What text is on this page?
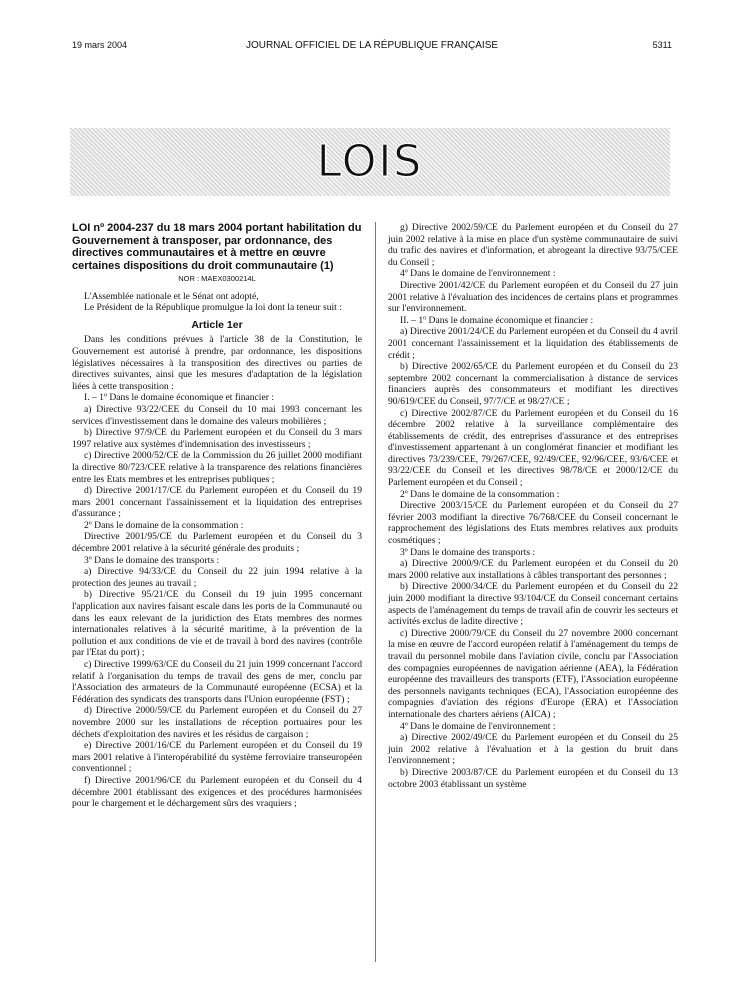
19 mars 2004	JOURNAL OFFICIEL DE LA RÉPUBLIQUE FRANÇAISE	5311
LOIS
LOI nº 2004-237 du 18 mars 2004 portant habilitation du Gouvernement à transposer, par ordonnance, des directives communautaires et à mettre en œuvre certaines dispositions du droit communautaire (1)
NOR : MAEX0300214L

L'Assemblée nationale et le Sénat ont adopté,

Le Président de la République promulgue la loi dont la teneur suit :

Article 1er

Dans les conditions prévues à l'article 38 de la Constitution, le Gouvernement est autorisé à prendre, par ordonnance, les dispositions législatives nécessaires à la transposition des directives ou parties de directives suivantes, ainsi que les mesures d'adaptation de la législation liées à cette transposition :

I. – 1º Dans le domaine économique et financier :

a) Directive 93/22/CEE du Conseil du 10 mai 1993 concernant les services d'investissement dans le domaine des valeurs mobilières ;

b) Directive 97/9/CE du Parlement européen et du Conseil du 3 mars 1997 relative aux systèmes d'indemnisation des investisseurs ;

c) Directive 2000/52/CE de la Commission du 26 juillet 2000 modifiant la directive 80/723/CEE relative à la transparence des relations financières entre les Etats membres et les entreprises publiques ;

d) Directive 2001/17/CE du Parlement européen et du Conseil du 19 mars 2001 concernant l'assainissement et la liquidation des entreprises d'assurance ;

2º Dans le domaine de la consommation :

Directive 2001/95/CE du Parlement européen et du Conseil du 3 décembre 2001 relative à la sécurité générale des produits ;

3º Dans le domaine des transports :

a) Directive 94/33/CE du Conseil du 22 juin 1994 relative à la protection des jeunes au travail ;

b) Directive 95/21/CE du Conseil du 19 juin 1995 concernant l'application aux navires faisant escale dans les ports de la Communauté ou dans les eaux relevant de la juridiction des Etats membres des normes internationales relatives à la sécurité maritime, à la prévention de la pollution et aux conditions de vie et de travail à bord des navires (contrôle par l'Etat du port) ;

c) Directive 1999/63/CE du Conseil du 21 juin 1999 concernant l'accord relatif à l'organisation du temps de travail des gens de mer, conclu par l'Association des armateurs de la Communauté européenne (ECSA) et la Fédération des syndicats des transports dans l'Union européenne (FST) ;

d) Directive 2000/59/CE du Parlement européen et du Conseil du 27 novembre 2000 sur les installations de réception portuaires pour les déchets d'exploitation des navires et les résidus de cargaison ;

e) Directive 2001/16/CE du Parlement européen et du Conseil du 19 mars 2001 relative à l'interopérabilité du système ferroviaire transeuropéen conventionnel ;

f) Directive 2001/96/CE du Parlement européen et du Conseil du 4 décembre 2001 établissant des exigences et des procédures harmonisées pour le chargement et le déchargement sûrs des vraquiers ;

g) Directive 2002/59/CE du Parlement européen et du Conseil du 27 juin 2002 relative à la mise en place d'un système communautaire de suivi du trafic des navires et d'information, et abrogeant la directive 93/75/CEE du Conseil ;

4º Dans le domaine de l'environnement :

Directive 2001/42/CE du Parlement européen et du Conseil du 27 juin 2001 relative à l'évaluation des incidences de certains plans et programmes sur l'environnement.

II. – 1º Dans le domaine économique et financier :

a) Directive 2001/24/CE du Parlement européen et du Conseil du 4 avril 2001 concernant l'assainissement et la liquidation des établissements de crédit ;

b) Directive 2002/65/CE du Parlement européen et du Conseil du 23 septembre 2002 concernant la commercialisation à distance de services financiers auprès des consommateurs et modifiant les directives 90/619/CEE du Conseil, 97/7/CE et 98/27/CE ;

c) Directive 2002/87/CE du Parlement européen et du Conseil du 16 décembre 2002 relative à la surveillance complémentaire des établissements de crédit, des entreprises d'assurance et des entreprises d'investissement appartenant à un conglomérat financier et modifiant les directives 73/239/CEE, 79/267/CEE, 92/49/CEE, 92/96/CEE, 93/6/CEE et 93/22/CEE du Conseil et les directives 98/78/CE et 2000/12/CE du Parlement européen et du Conseil ;

2º Dans le domaine de la consommation :

Directive 2003/15/CE du Parlement européen et du Conseil du 27 février 2003 modifiant la directive 76/768/CEE du Conseil concernant le rapprochement des législations des Etats membres relatives aux produits cosmétiques ;

3º Dans le domaine des transports :

a) Directive 2000/9/CE du Parlement européen et du Conseil du 20 mars 2000 relative aux installations à câbles transportant des personnes ;

b) Directive 2000/34/CE du Parlement européen et du Conseil du 22 juin 2000 modifiant la directive 93/104/CE du Conseil concernant certains aspects de l'aménagement du temps de travail afin de couvrir les secteurs et activités exclus de ladite directive ;

c) Directive 2000/79/CE du Conseil du 27 novembre 2000 concernant la mise en œuvre de l'accord européen relatif à l'aménagement du temps de travail du personnel mobile dans l'aviation civile, conclu par l'Association des compagnies européennes de navigation aérienne (AEA), la Fédération européenne des travailleurs des transports (ETF), l'Association européenne des personnels navigants techniques (ECA), l'Association européenne des compagnies d'aviation des régions d'Europe (ERA) et l'Association internationale des charters aériens (AICA) ;

4º Dans le domaine de l'environnement :

a) Directive 2002/49/CE du Parlement européen et du Conseil du 25 juin 2002 relative à l'évaluation et à la gestion du bruit dans l'environnement ;

b) Directive 2003/87/CE du Parlement européen et du Conseil du 13 octobre 2003 établissant un système
